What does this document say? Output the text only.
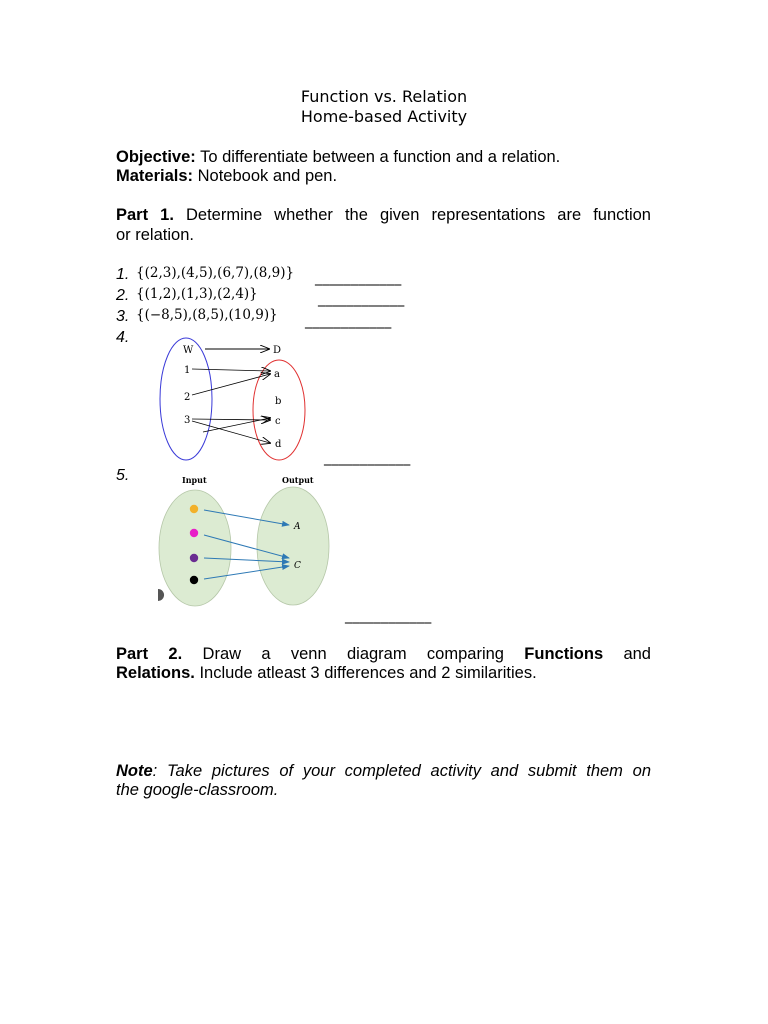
Function vs. Relation
Home-based Activity
Objective: To differentiate between a function and a relation.
Materials: Notebook and pen.
Part 1. Determine whether the given representations are function
or relation.
1. {(2,3),(4,5),(6,7),(8,9)} ____________
2. {(1,2),(1,3),(2,4)}	____________
3. {(−8,5),(8,5),(10,9)} ____________
4.
W	D
1
2
3
a
b
c
d
____________
5.	Input	Output
A
C
____________
Part 2. Draw a venn diagram comparing Functions and
Relations. Include atleast 3 differences and 2 similarities.
Note: Take pictures of your completed activity and submit them on
the google-classroom.
